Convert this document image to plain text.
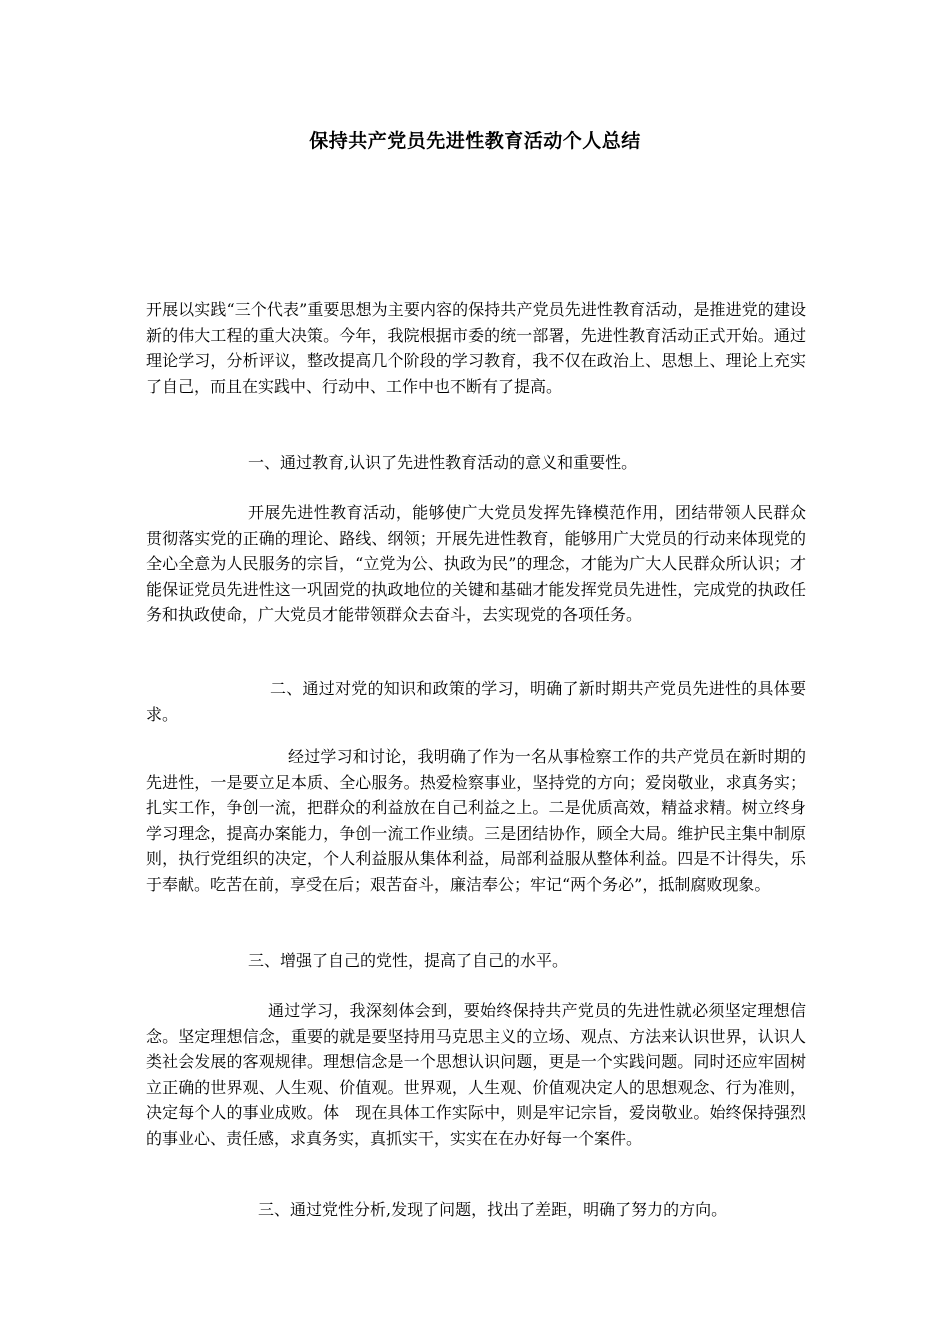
保持共产党员先进性教育活动个人总结

开展以实践“三个代表”重要思想为主要内容的保持共产党员先进性教育活动，是推进党的建设新的伟大工程的重大决策。今年，我院根据市委的统一部署，先进性教育活动正式开始。通过理论学习，分析评议，整改提高几个阶段的学习教育，我不仅在政治上、思想上、理论上充实了自己，而且在实践中、行动中、工作中也不断有了提高。

一、通过教育,认识了先进性教育活动的意义和重要性。

开展先进性教育活动，能够使广大党员发挥先锋模范作用，团结带领人民群众贯彻落实党的正确的理论、路线、纲领；开展先进性教育，能够用广大党员的行动来体现党的全心全意为人民服务的宗旨，“立党为公、执政为民”的理念，才能为广大人民群众所认识；才能保证党员先进性这一巩固党的执政地位的关键和基础才能发挥党员先进性，完成党的执政任务和执政使命，广大党员才能带领群众去奋斗，去实现党的各项任务。

二、通过对党的知识和政策的学习，明确了新时期共产党员先进性的具体要求。

经过学习和讨论，我明确了作为一名从事检察工作的共产党员在新时期的先进性，一是要立足本质、全心服务。热爱检察事业，坚持党的方向；爱岗敬业，求真务实；扎实工作，争创一流，把群众的利益放在自己利益之上。二是优质高效，精益求精。树立终身学习理念，提高办案能力，争创一流工作业绩。三是团结协作，顾全大局。维护民主集中制原则，执行党组织的决定，个人利益服从集体利益，局部利益服从整体利益。四是不计得失，乐于奉献。吃苦在前，享受在后；艰苦奋斗，廉洁奉公；牢记“两个务必”，抵制腐败现象。

三、增强了自己的党性，提高了自己的水平。

通过学习，我深刻体会到，要始终保持共产党员的先进性就必须坚定理想信念。坚定理想信念，重要的就是要坚持用马克思主义的立场、观点、方法来认识世界，认识人类社会发展的客观规律。理想信念是一个思想认识问题，更是一个实践问题。同时还应牢固树立正确的世界观、人生观、价值观。世界观，人生观、价值观决定人的思想观念、行为准则，决定每个人的事业成败。体　现在具体工作实际中，则是牢记宗旨，爱岗敬业。始终保持强烈的事业心、责任感，求真务实，真抓实干，实实在在办好每一个案件。

三、通过党性分析,发现了问题，找出了差距，明确了努力的方向。
